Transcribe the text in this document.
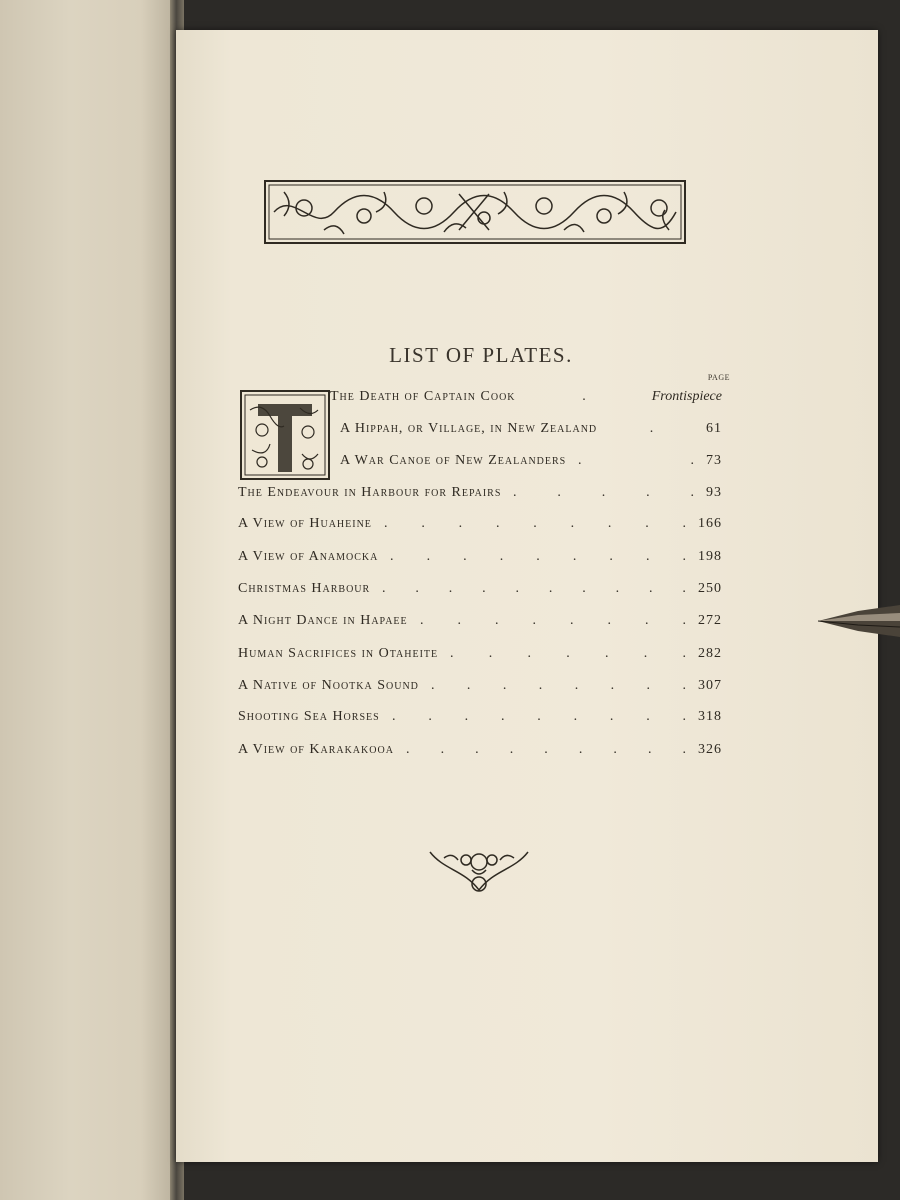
LIST OF PLATES.
PAGE
The Death of Captain Cook	.	Frontispiece
A Hippah, or Village, in New Zealand	.	61
A War Canoe of New Zealanders .	. 73
The Endeavour in Harbour for Repairs .	.	.	.	. 93
A View of Huaheine . . . . . . . . . 166
A View of Anamocka . . . . . . . . . 198
Christmas Harbour . . . . . . . . . . 250
A Night Dance in Hapaee . . . . . . . . 272
Human Sacrifices in Otaheite .	.	.	.	.	.	. 282
A Native of Nootka Sound . . . . . . . . 307
Shooting Sea Horses . . . . . . . . . 318
A View of Karakakooa . . . . . . . . . 326
